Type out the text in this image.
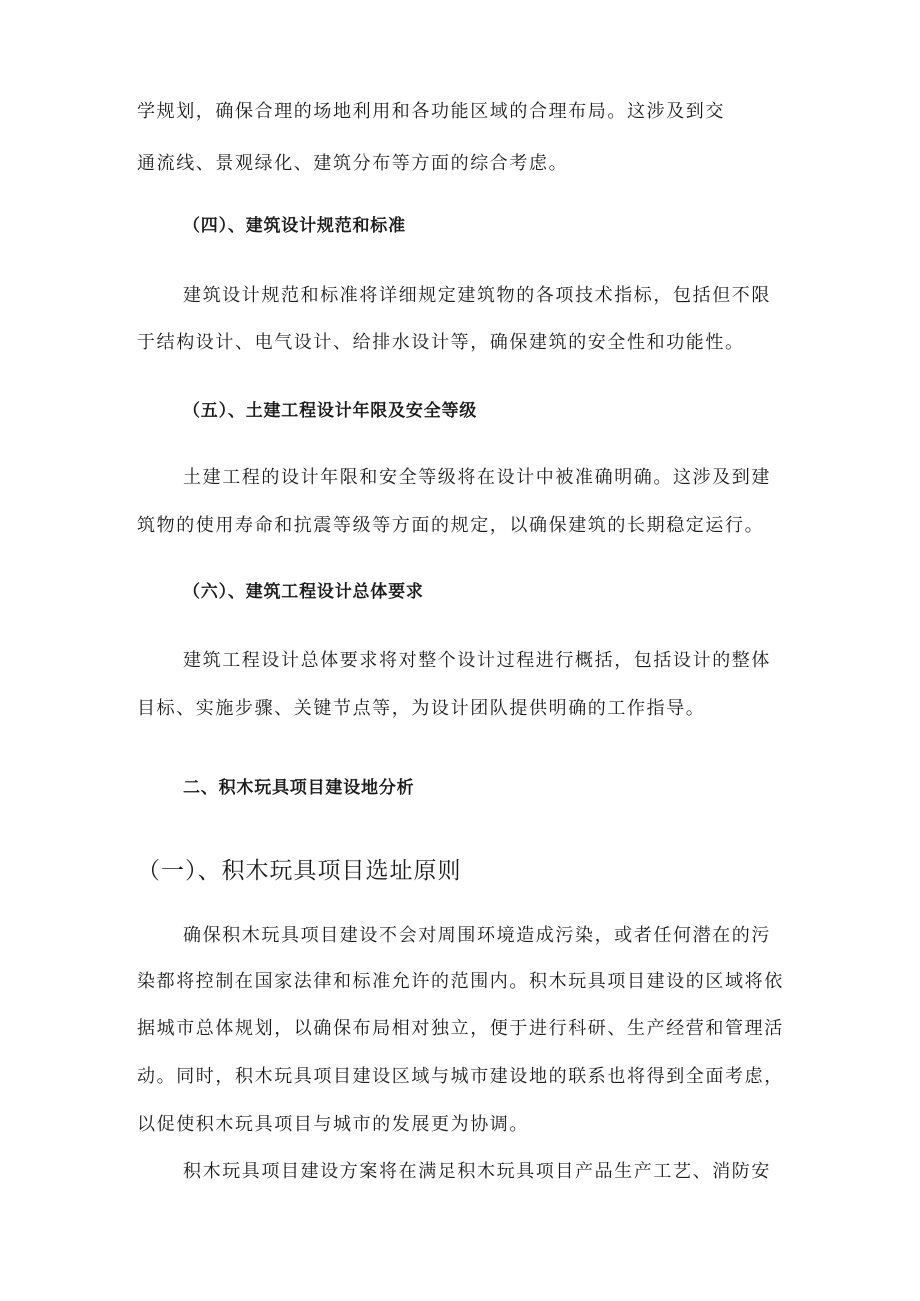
学规划，确保合理的场地利用和各功能区域的合理布局。这涉及到交
通流线、景观绿化、建筑分布等方面的综合考虑。
（四）、建筑设计规范和标准
建筑设计规范和标准将详细规定建筑物的各项技术指标，包括但不限
于结构设计、电气设计、给排水设计等，确保建筑的安全性和功能性。
（五）、土建工程设计年限及安全等级
土建工程的设计年限和安全等级将在设计中被准确明确。这涉及到建
筑物的使用寿命和抗震等级等方面的规定，以确保建筑的长期稳定运行。
（六）、建筑工程设计总体要求
建筑工程设计总体要求将对整个设计过程进行概括，包括设计的整体
目标、实施步骤、关键节点等，为设计团队提供明确的工作指导。
二、积木玩具项目建设地分析
（一）、积木玩具项目选址原则
确保积木玩具项目建设不会对周围环境造成污染，或者任何潜在的污
染都将控制在国家法律和标准允许的范围内。积木玩具项目建设的区域将依
据城市总体规划，以确保布局相对独立，便于进行科研、生产经营和管理活
动。同时，积木玩具项目建设区域与城市建设地的联系也将得到全面考虑，
以促使积木玩具项目与城市的发展更为协调。
积木玩具项目建设方案将在满足积木玩具项目产品生产工艺、消防安
